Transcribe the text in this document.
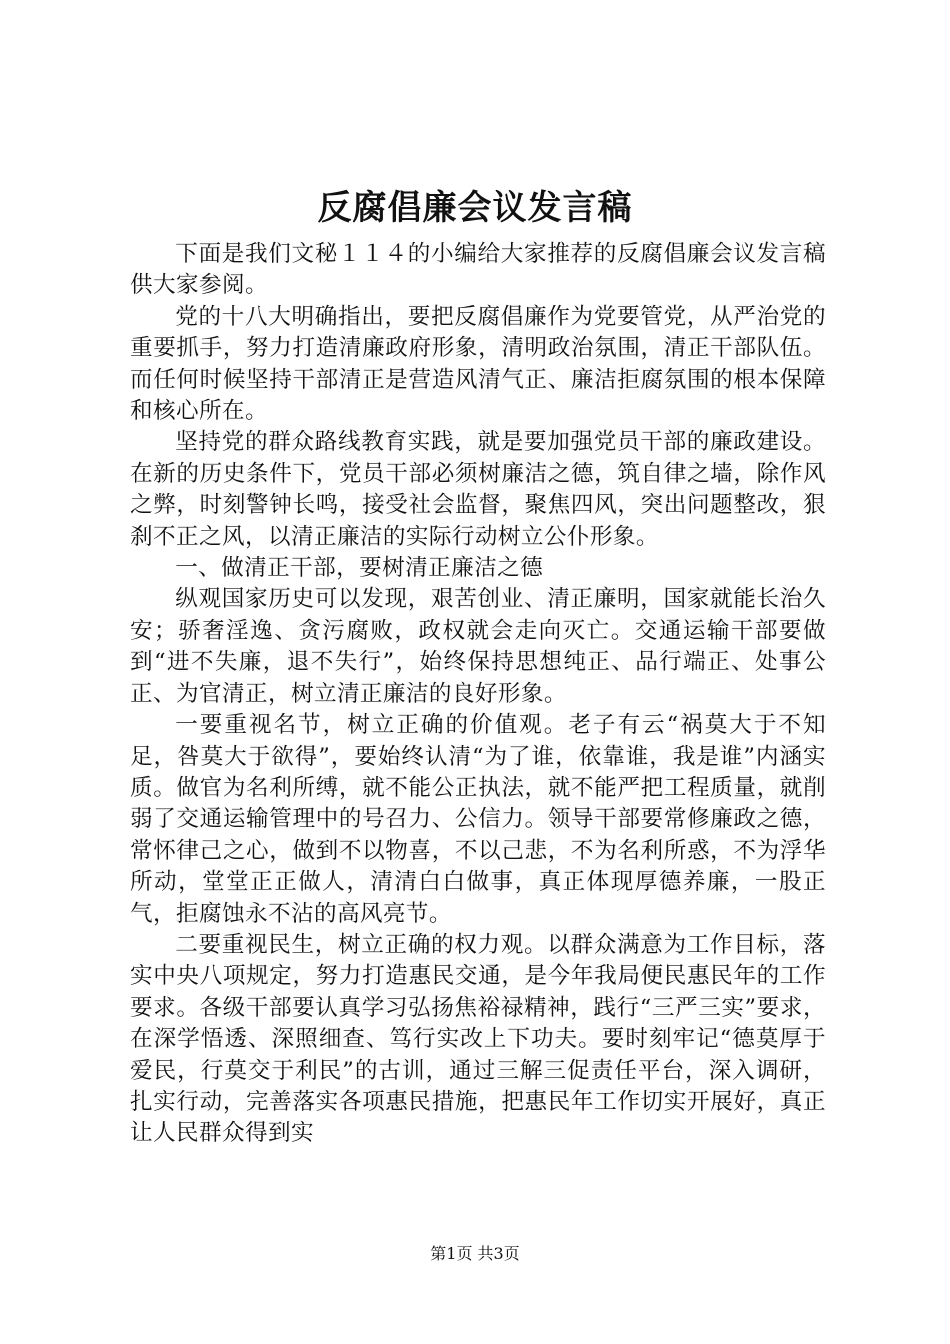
反腐倡廉会议发言稿

下面是我们文秘１１４的小编给大家推荐的反腐倡廉会议发言稿供大家参阅。

党的十八大明确指出，要把反腐倡廉作为党要管党，从严治党的重要抓手，努力打造清廉政府形象，清明政治氛围，清正干部队伍。而任何时候坚持干部清正是营造风清气正、廉洁拒腐氛围的根本保障和核心所在。

坚持党的群众路线教育实践，就是要加强党员干部的廉政建设。在新的历史条件下，党员干部必须树廉洁之德，筑自律之墙，除作风之弊，时刻警钟长鸣，接受社会监督，聚焦四风，突出问题整改，狠刹不正之风，以清正廉洁的实际行动树立公仆形象。

一、做清正干部，要树清正廉洁之德

纵观国家历史可以发现，艰苦创业、清正廉明，国家就能长治久安；骄奢淫逸、贪污腐败，政权就会走向灭亡。交通运输干部要做到“进不失廉，退不失行”，始终保持思想纯正、品行端正、处事公正、为官清正，树立清正廉洁的良好形象。

一要重视名节，树立正确的价值观。老子有云“祸莫大于不知足，咎莫大于欲得”，要始终认清“为了谁，依靠谁，我是谁”内涵实质。做官为名利所缚，就不能公正执法，就不能严把工程质量，就削弱了交通运输管理中的号召力、公信力。领导干部要常修廉政之德，常怀律己之心，做到不以物喜，不以己悲，不为名利所惑，不为浮华所动，堂堂正正做人，清清白白做事，真正体现厚德养廉，一股正气，拒腐蚀永不沾的高风亮节。

二要重视民生，树立正确的权力观。以群众满意为工作目标，落实中央八项规定，努力打造惠民交通，是今年我局便民惠民年的工作要求。各级干部要认真学习弘扬焦裕禄精神，践行“三严三实”要求，在深学悟透、深照细查、笃行实改上下功夫。要时刻牢记“德莫厚于爱民，行莫交于利民”的古训，通过三解三促责任平台，深入调研，扎实行动，完善落实各项惠民措施，把惠民年工作切实开展好，真正让人民群众得到实

第1页 共3页
